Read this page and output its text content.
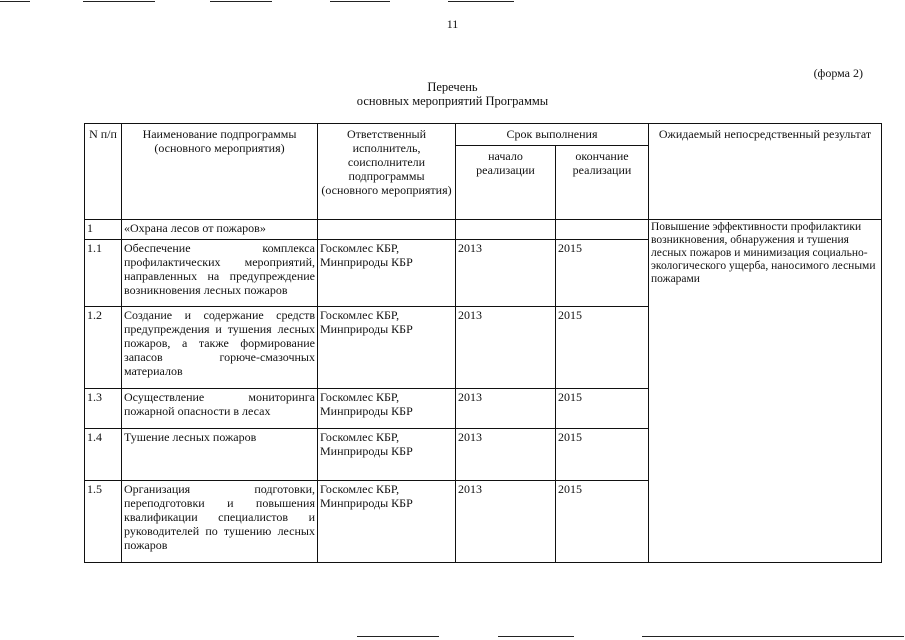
11
(форма 2)
Перечень
основных мероприятий Программы
N п/п	Наименование подпрограммы (основного мероприятия)	Ответственный исполнитель, соисполнители подпрограммы (основного мероприятия)	Срок выполнения		Ожидаемый непосредственный результат
			начало реализации	окончание реализации	
1	«Охрана лесов от пожаров»				Повышение эффективности профилактики возникновения, обнаружения и тушения лесных пожаров и минимизация социально-экологического ущерба, наносимого лесными пожарами
1.1	Обеспечение комплекса профилактических мероприятий, направленных на предупреждение возникновения лесных пожаров	Госкомлес КБР, Минприроды КБР	2013	2015	
1.2	Создание и содержание средств предупреждения и тушения лесных пожаров, а также формирование запасов горюче-смазочных материалов	Госкомлес КБР, Минприроды КБР	2013	2015	
1.3	Осуществление мониторинга пожарной опасности в лесах	Госкомлес КБР, Минприроды КБР	2013	2015	
1.4	Тушение лесных пожаров	Госкомлес КБР, Минприроды КБР	2013	2015	
1.5	Организация подготовки, переподготовки и повышения квалификации специалистов и руководителей по тушению лесных пожаров	Госкомлес КБР, Минприроды КБР	2013	2015	
